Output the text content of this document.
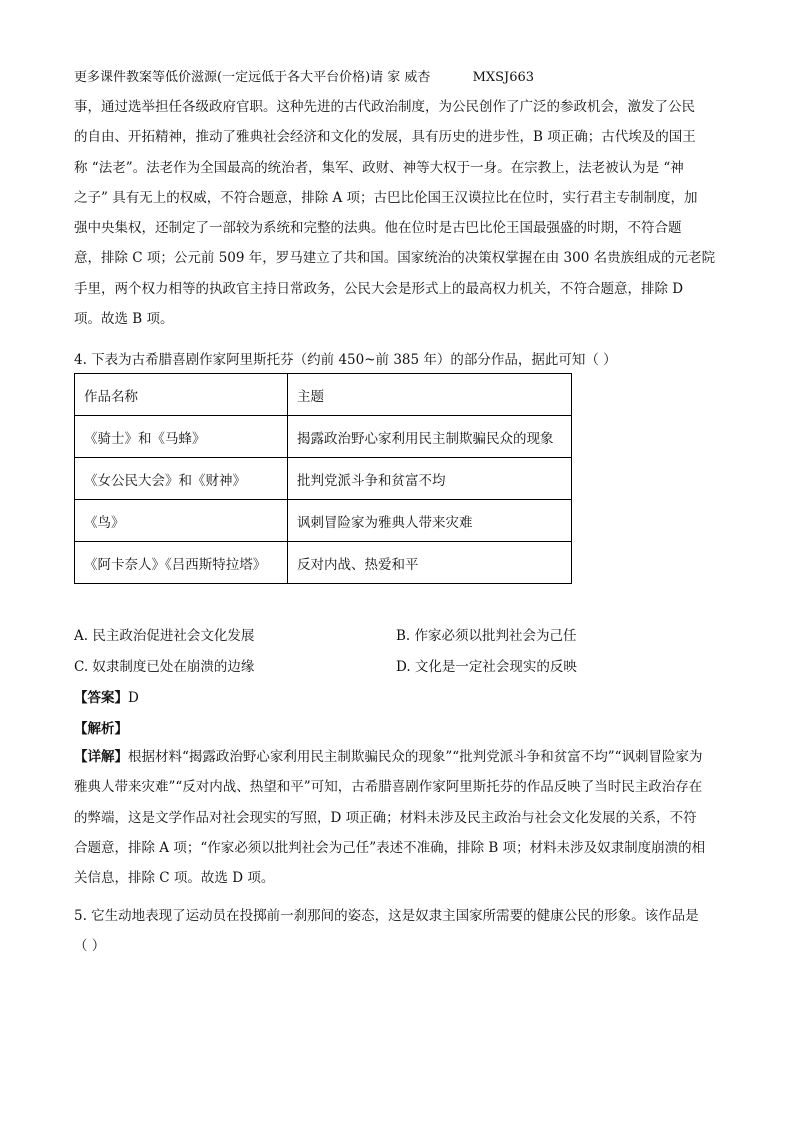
更多课件教案等低价滋源(一定远低于各大平台价格)请 家 威杏	MXSJ663
事，通过选举担任各级政府官职。这种先进的古代政治制度，为公民创作了广泛的参政机会，激发了公民
的自由、开拓精神，推动了雅典社会经济和文化的发展，具有历史的进步性，B 项正确；古代埃及的国王
称 “法老”。法老作为全国最高的统治者，集军、政财、神等大权于一身。在宗教上，法老被认为是 “神
之子” 具有无上的权威，不符合题意，排除 A 项；古巴比伦国王汉谟拉比在位时，实行君主专制制度，加
强中央集权，还制定了一部较为系统和完整的法典。他在位时是古巴比伦王国最强盛的时期，不符合题
意，排除 C 项；公元前 509 年，罗马建立了共和国。国家统治的决策权掌握在由 300 名贵族组成的元老院
手里，两个权力相等的执政官主持日常政务，公民大会是形式上的最高权力机关，不符合题意，排除 D
项。故选 B 项。
4. 下表为古希腊喜剧作家阿里斯托芬（约前 450~前 385 年）的部分作品，据此可知（ ）
作品名称	主题
《骑士》和《马蜂》	揭露政治野心家利用民主制欺骗民众的现象
《女公民大会》和《财神》	批判党派斗争和贫富不均
《鸟》	讽刺冒险家为雅典人带来灾难
《阿卡奈人》《吕西斯特拉塔》	反对内战、热爱和平
A. 民主政治促进社会文化发展	B. 作家必须以批判社会为己任
C. 奴隶制度已处在崩溃的边缘	D. 文化是一定社会现实的反映
【答案】D
【解析】
【详解】根据材料“揭露政治野心家利用民主制欺骗民众的现象”“批判党派斗争和贫富不均”“讽刺冒险家为
雅典人带来灾难”“反对内战、热望和平”可知，古希腊喜剧作家阿里斯托芬的作品反映了当时民主政治存在
的弊端，这是文学作品对社会现实的写照，D 项正确；材料未涉及民主政治与社会文化发展的关系，不符
合题意，排除 A 项；“作家必须以批判社会为己任”表述不准确，排除 B 项；材料未涉及奴隶制度崩溃的相
关信息，排除 C 项。故选 D 项。
5. 它生动地表现了运动员在投掷前一刹那间的姿态，这是奴隶主国家所需要的健康公民的形象。该作品是
（ ）
